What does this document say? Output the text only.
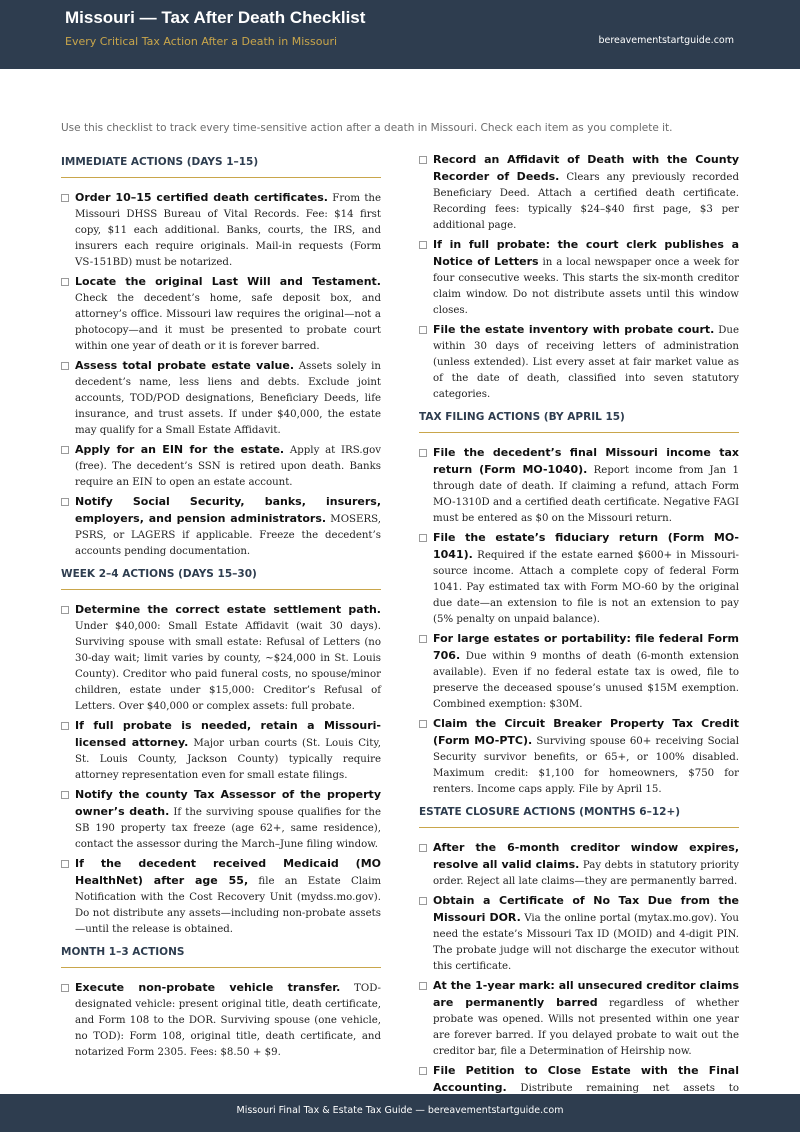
Missouri — Tax After Death Checklist
Every Critical Tax Action After a Death in Missouri	bereavementstartguide.com
Use this checklist to track every time-sensitive action after a death in Missouri. Check each item as you complete it.
IMMEDIATE ACTIONS (DAYS 1–15)
Order 10–15 certified death certificates. From the Missouri DHSS Bureau of Vital Records. Fee: $14 first copy, $11 each additional. Banks, courts, the IRS, and insurers each require originals. Mail-in requests (Form VS-151BD) must be notarized.
Locate the original Last Will and Testament. Check the decedent’s home, safe deposit box, and attorney’s office. Missouri law requires the original—not a photocopy—and it must be presented to probate court within one year of death or it is forever barred.
Assess total probate estate value. Assets solely in decedent’s name, less liens and debts. Exclude joint accounts, TOD/POD designations, Beneficiary Deeds, life insurance, and trust assets. If under $40,000, the estate may qualify for a Small Estate Affidavit.
Apply for an EIN for the estate. Apply at IRS.gov (free). The decedent’s SSN is retired upon death. Banks require an EIN to open an estate account.
Notify Social Security, banks, insurers, employers, and pension administrators. MOSERS, PSRS, or LAGERS if applicable. Freeze the decedent’s accounts pending documentation.
WEEK 2–4 ACTIONS (DAYS 15–30)
Determine the correct estate settlement path. Under $40,000: Small Estate Affidavit (wait 30 days). Surviving spouse with small estate: Refusal of Letters (no 30-day wait; limit varies by county, ~$24,000 in St. Louis County). Creditor who paid funeral costs, no spouse/minor children, estate under $15,000: Creditor’s Refusal of Letters. Over $40,000 or complex assets: full probate.
If full probate is needed, retain a Missouri-licensed attorney. Major urban courts (St. Louis City, St. Louis County, Jackson County) typically require attorney representation even for small estate filings.
Notify the county Tax Assessor of the property owner’s death. If the surviving spouse qualifies for the SB 190 property tax freeze (age 62+, same residence), contact the assessor during the March–June filing window.
If the decedent received Medicaid (MO HealthNet) after age 55, file an Estate Claim Notification with the Cost Recovery Unit (mydss.mo.gov). Do not distribute any assets—including non-probate assets—until the release is obtained.
MONTH 1–3 ACTIONS
Execute non-probate vehicle transfer. TOD-designated vehicle: present original title, death certificate, and Form 108 to the DOR. Surviving spouse (one vehicle, no TOD): Form 108, original title, death certificate, and notarized Form 2305. Fees: $8.50 + $9.
Record an Affidavit of Death with the County Recorder of Deeds. Clears any previously recorded Beneficiary Deed. Attach a certified death certificate. Recording fees: typically $24–$40 first page, $3 per additional page.
If in full probate: the court clerk publishes a Notice of Letters in a local newspaper once a week for four consecutive weeks. This starts the six-month creditor claim window. Do not distribute assets until this window closes.
File the estate inventory with probate court. Due within 30 days of receiving letters of administration (unless extended). List every asset at fair market value as of the date of death, classified into seven statutory categories.
TAX FILING ACTIONS (BY APRIL 15)
File the decedent’s final Missouri income tax return (Form MO-1040). Report income from Jan 1 through date of death. If claiming a refund, attach Form MO-1310D and a certified death certificate. Negative FAGI must be entered as $0 on the Missouri return.
File the estate’s fiduciary return (Form MO-1041). Required if the estate earned $600+ in Missouri-source income. Attach a complete copy of federal Form 1041. Pay estimated tax with Form MO-60 by the original due date—an extension to file is not an extension to pay (5% penalty on unpaid balance).
For large estates or portability: file federal Form 706. Due within 9 months of death (6-month extension available). Even if no federal estate tax is owed, file to preserve the deceased spouse’s unused $15M exemption. Combined exemption: $30M.
Claim the Circuit Breaker Property Tax Credit (Form MO-PTC). Surviving spouse 60+ receiving Social Security survivor benefits, or 65+, or 100% disabled. Maximum credit: $1,100 for homeowners, $750 for renters. Income caps apply. File by April 15.
ESTATE CLOSURE ACTIONS (MONTHS 6–12+)
After the 6-month creditor window expires, resolve all valid claims. Pay debts in statutory priority order. Reject all late claims—they are permanently barred.
Obtain a Certificate of No Tax Due from the Missouri DOR. Via the online portal (mytax.mo.gov). You need the estate’s Missouri Tax ID (MOID) and 4-digit PIN. The probate judge will not discharge the executor without this certificate.
At the 1-year mark: all unsecured creditor claims are permanently barred regardless of whether probate was opened. Wills not presented within one year are forever barred. If you delayed probate to wait out the creditor bar, file a Determination of Heirship now.
File Petition to Close Estate with the Final Accounting. Distribute remaining net assets to
Missouri Final Tax & Estate Tax Guide — bereavementstartguide.com
